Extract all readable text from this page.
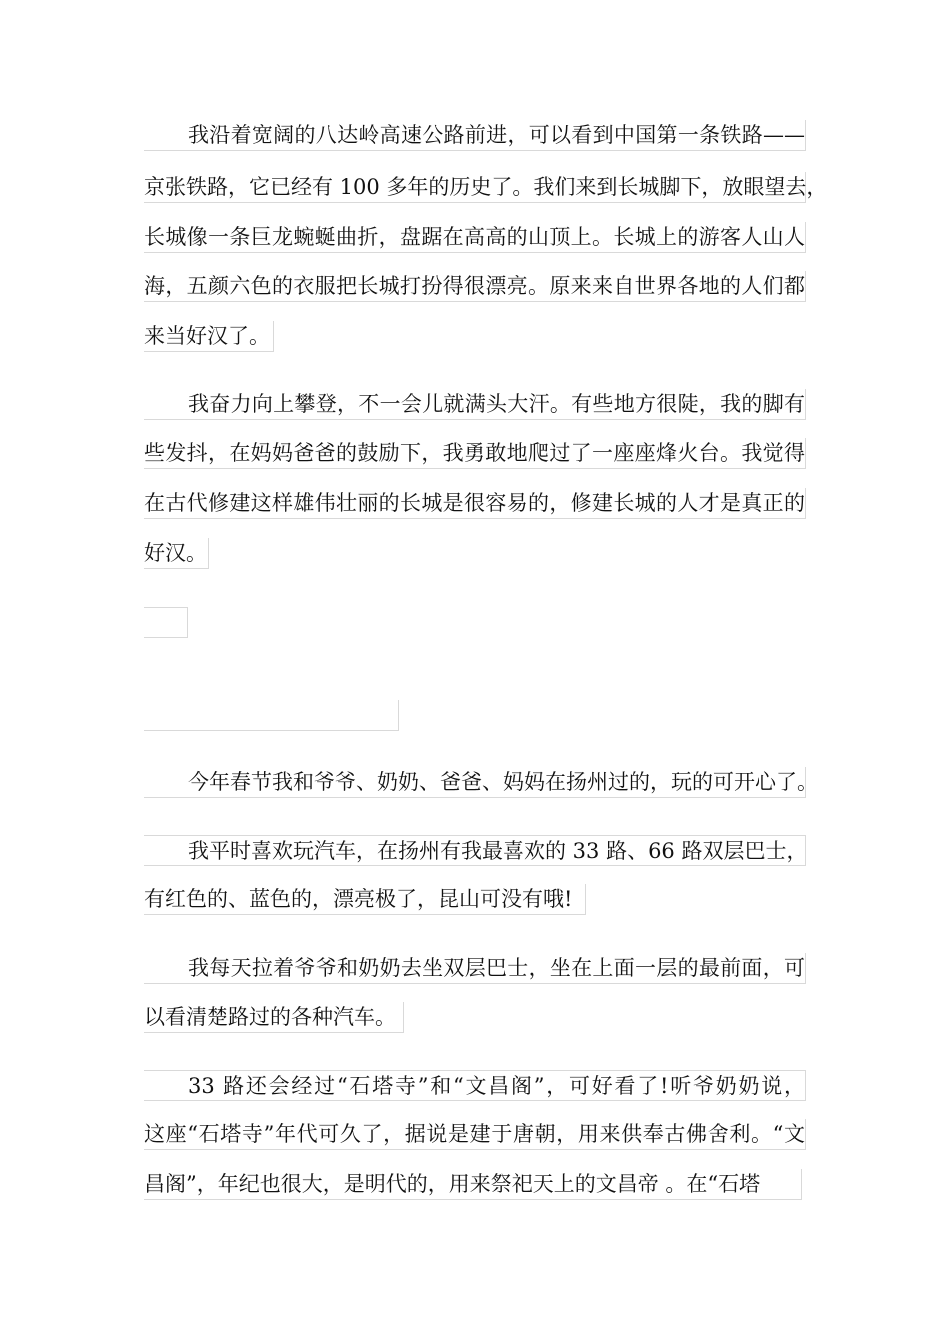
我沿着宽阔的八达岭高速公路前进，可以看到中国第一条铁路——
京张铁路，它已经有 100 多年的历史了。我们来到长城脚下，放眼望去，
长城像一条巨龙蜿蜒曲折，盘踞在高高的山顶上。长城上的游客人山人
海，五颜六色的衣服把长城打扮得很漂亮。原来来自世界各地的人们都
来当好汉了。
我奋力向上攀登，不一会儿就满头大汗。有些地方很陡，我的脚有
些发抖，在妈妈爸爸的鼓励下，我勇敢地爬过了一座座烽火台。我觉得
在古代修建这样雄伟壮丽的长城是很容易的，修建长城的人才是真正的
好汉。
今年春节我和爷爷、奶奶、爸爸、妈妈在扬州过的，玩的可开心了。
我平时喜欢玩汽车，在扬州有我最喜欢的 33 路、66 路双层巴士，
有红色的、蓝色的，漂亮极了，昆山可没有哦!
我每天拉着爷爷和奶奶去坐双层巴士，坐在上面一层的最前面，可
以看清楚路过的各种汽车。
33 路还会经过“石塔寺”和“文昌阁”，可好看了!听爷奶奶说，
这座“石塔寺”年代可久了，据说是建于唐朝，用来供奉古佛舍利。“文
昌阁”，年纪也很大，是明代的，用来祭祀天上的文昌帝 。在“石塔
